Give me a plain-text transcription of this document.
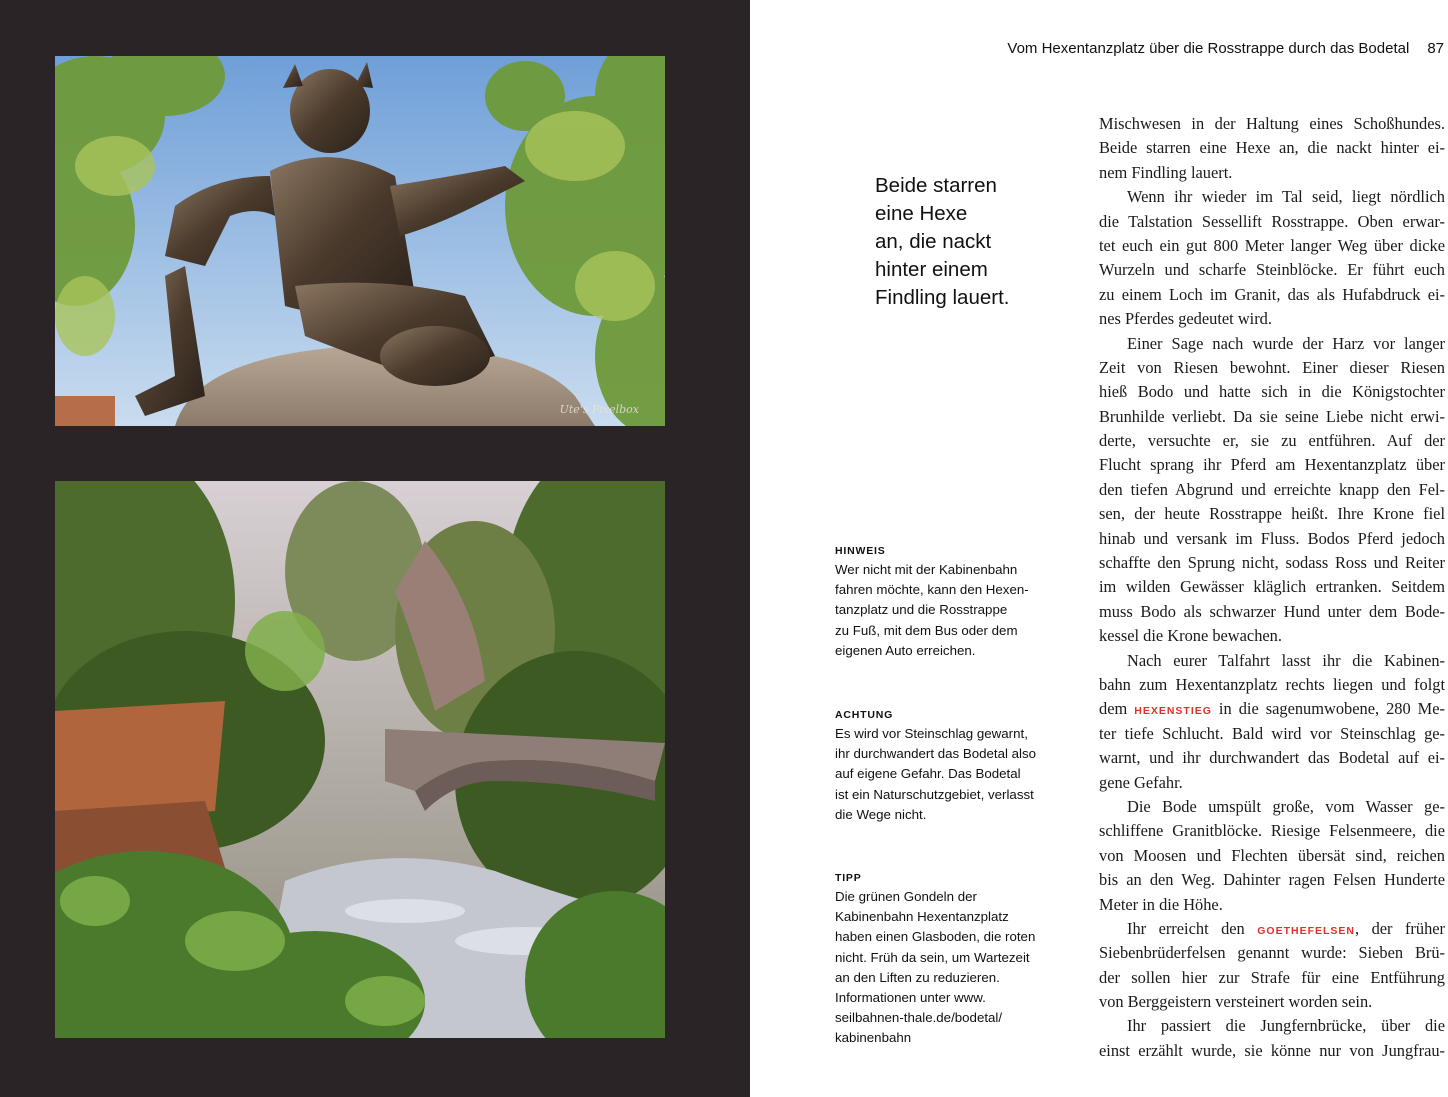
Ute's Pixelbox
Vom Hexentanzplatz über die Rosstrappe durch das Bodetal 87
Beide starren
eine Hexe
an, die nackt
hinter einem
Findling lauert.
HINWEIS
Wer nicht mit der Kabinenbahn
fahren möchte, kann den Hexen-
tanzplatz und die Rosstrappe
zu Fuß, mit dem Bus oder dem
eigenen Auto erreichen.
ACHTUNG
Es wird vor Steinschlag gewarnt,
ihr durchwandert das Bodetal also
auf eigene Gefahr. Das Bodetal
ist ein Naturschutzgebiet, verlasst
die Wege nicht.
TIPP
Die grünen Gondeln der
Kabinenbahn Hexentanzplatz
haben einen Glasboden, die roten
nicht. Früh da sein, um Wartezeit
an den Liften zu reduzieren.
Informationen unter www.
seilbahnen-thale.de/bodetal/
kabinenbahn
Mischwesen in der Haltung eines Schoßhundes.
Beide starren eine Hexe an, die nackt hinter ei-
nem Findling lauert.
Wenn ihr wieder im Tal seid, liegt nördlich
die Talstation Sessellift Rosstrappe. Oben erwar-
tet euch ein gut 800 Meter langer Weg über dicke
Wurzeln und scharfe Steinblöcke. Er führt euch
zu einem Loch im Granit, das als Hufabdruck ei-
nes Pferdes gedeutet wird.
Einer Sage nach wurde der Harz vor langer
Zeit von Riesen bewohnt. Einer dieser Riesen
hieß Bodo und hatte sich in die Königstochter
Brunhilde verliebt. Da sie seine Liebe nicht erwi-
derte, versuchte er, sie zu entführen. Auf der
Flucht sprang ihr Pferd am Hexentanzplatz über
den tiefen Abgrund und erreichte knapp den Fel-
sen, der heute Rosstrappe heißt. Ihre Krone fiel
hinab und versank im Fluss. Bodos Pferd jedoch
schaffte den Sprung nicht, sodass Ross und Reiter
im wilden Gewässer kläglich ertranken. Seitdem
muss Bodo als schwarzer Hund unter dem Bode-
kessel die Krone bewachen.
Nach eurer Talfahrt lasst ihr die Kabinen-
bahn zum Hexentanzplatz rechts liegen und folgt
dem HEXENSTIEG in die sagenumwobene, 280 Me-
ter tiefe Schlucht. Bald wird vor Steinschlag ge-
warnt, und ihr durchwandert das Bodetal auf ei-
gene Gefahr.
Die Bode umspült große, vom Wasser ge-
schliffene Granitblöcke. Riesige Felsenmeere, die
von Moosen und Flechten übersät sind, reichen
bis an den Weg. Dahinter ragen Felsen Hunderte
Meter in die Höhe.
Ihr erreicht den GOETHEFELSEN, der früher
Siebenbrüderfelsen genannt wurde: Sieben Brü-
der sollen hier zur Strafe für eine Entführung
von Berggeistern versteinert worden sein.
Ihr passiert die Jungfernbrücke, über die
einst erzählt wurde, sie könne nur von Jungfrau-
